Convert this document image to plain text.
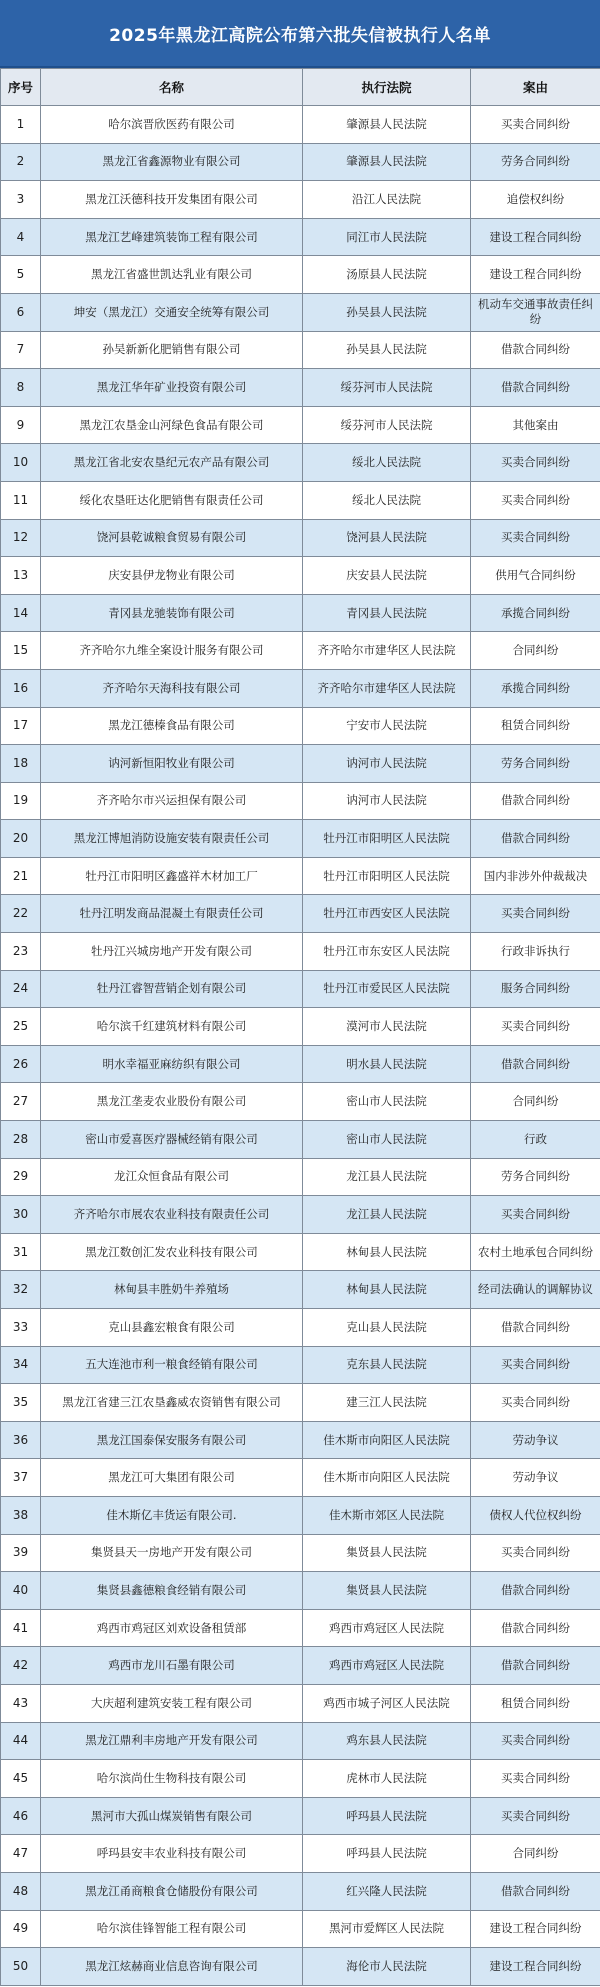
2025年黑龙江高院公布第六批失信被执行人名单
序号	名称	执行法院	案由
1	哈尔滨晋欣医药有限公司	肇源县人民法院	买卖合同纠纷
2	黑龙江省鑫源物业有限公司	肇源县人民法院	劳务合同纠纷
3	黑龙江沃德科技开发集团有限公司	沿江人民法院	追偿权纠纷
4	黑龙江艺峰建筑装饰工程有限公司	同江市人民法院	建设工程合同纠纷
5	黑龙江省盛世凯达乳业有限公司	汤原县人民法院	建设工程合同纠纷
6	坤安（黑龙江）交通安全统筹有限公司	孙吴县人民法院	机动车交通事故责任纠纷
7	孙吴新新化肥销售有限公司	孙吴县人民法院	借款合同纠纷
8	黑龙江华年矿业投资有限公司	绥芬河市人民法院	借款合同纠纷
9	黑龙江农垦金山河绿色食品有限公司	绥芬河市人民法院	其他案由
10	黑龙江省北安农垦纪元农产品有限公司	绥北人民法院	买卖合同纠纷
11	绥化农垦旺达化肥销售有限责任公司	绥北人民法院	买卖合同纠纷
12	饶河县乾诚粮食贸易有限公司	饶河县人民法院	买卖合同纠纷
13	庆安县伊龙物业有限公司	庆安县人民法院	供用气合同纠纷
14	青冈县龙驰装饰有限公司	青冈县人民法院	承揽合同纠纷
15	齐齐哈尔九维全案设计服务有限公司	齐齐哈尔市建华区人民法院	合同纠纷
16	齐齐哈尔天海科技有限公司	齐齐哈尔市建华区人民法院	承揽合同纠纷
17	黑龙江德榛食品有限公司	宁安市人民法院	租赁合同纠纷
18	讷河新恒阳牧业有限公司	讷河市人民法院	劳务合同纠纷
19	齐齐哈尔市兴运担保有限公司	讷河市人民法院	借款合同纠纷
20	黑龙江博旭消防设施安装有限责任公司	牡丹江市阳明区人民法院	借款合同纠纷
21	牡丹江市阳明区鑫盛祥木材加工厂	牡丹江市阳明区人民法院	国内非涉外仲裁裁决
22	牡丹江明发商品混凝土有限责任公司	牡丹江市西安区人民法院	买卖合同纠纷
23	牡丹江兴城房地产开发有限公司	牡丹江市东安区人民法院	行政非诉执行
24	牡丹江睿智营销企划有限公司	牡丹江市爱民区人民法院	服务合同纠纷
25	哈尔滨千红建筑材料有限公司	漠河市人民法院	买卖合同纠纷
26	明水幸福亚麻纺织有限公司	明水县人民法院	借款合同纠纷
27	黑龙江垄麦农业股份有限公司	密山市人民法院	合同纠纷
28	密山市爱喜医疗器械经销有限公司	密山市人民法院	行政
29	龙江众恒食品有限公司	龙江县人民法院	劳务合同纠纷
30	齐齐哈尔市展农农业科技有限责任公司	龙江县人民法院	买卖合同纠纷
31	黑龙江数创汇发农业科技有限公司	林甸县人民法院	农村土地承包合同纠纷
32	林甸县丰胜奶牛养殖场	林甸县人民法院	经司法确认的调解协议
33	克山县鑫宏粮食有限公司	克山县人民法院	借款合同纠纷
34	五大连池市利一粮食经销有限公司	克东县人民法院	买卖合同纠纷
35	黑龙江省建三江农垦鑫威农资销售有限公司	建三江人民法院	买卖合同纠纷
36	黑龙江国泰保安服务有限公司	佳木斯市向阳区人民法院	劳动争议
37	黑龙江可大集团有限公司	佳木斯市向阳区人民法院	劳动争议
38	佳木斯亿丰货运有限公司.	佳木斯市郊区人民法院	债权人代位权纠纷
39	集贤县天一房地产开发有限公司	集贤县人民法院	买卖合同纠纷
40	集贤县鑫德粮食经销有限公司	集贤县人民法院	借款合同纠纷
41	鸡西市鸡冠区刘欢设备租赁部	鸡西市鸡冠区人民法院	借款合同纠纷
42	鸡西市龙川石墨有限公司	鸡西市鸡冠区人民法院	借款合同纠纷
43	大庆超利建筑安装工程有限公司	鸡西市城子河区人民法院	租赁合同纠纷
44	黑龙江鼎利丰房地产开发有限公司	鸡东县人民法院	买卖合同纠纷
45	哈尔滨尚仕生物科技有限公司	虎林市人民法院	买卖合同纠纷
46	黑河市大孤山煤炭销售有限公司	呼玛县人民法院	买卖合同纠纷
47	呼玛县安丰农业科技有限公司	呼玛县人民法院	合同纠纷
48	黑龙江甬商粮食仓储股份有限公司	红兴隆人民法院	借款合同纠纷
49	哈尔滨佳锋智能工程有限公司	黑河市爱辉区人民法院	建设工程合同纠纷
50	黑龙江炫赫商业信息咨询有限公司	海伦市人民法院	建设工程合同纠纷
